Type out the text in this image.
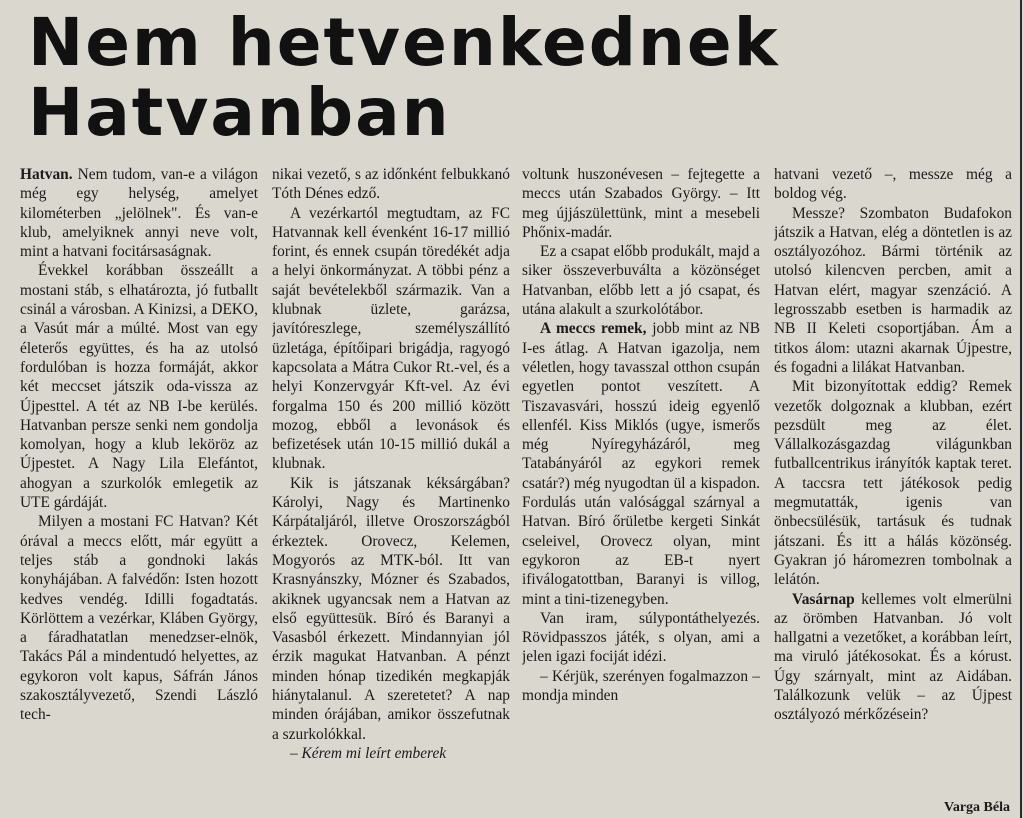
Nem hetvenkednek
Hatvanban

Hatvan. Nem tudom, van-e a világon még egy helység, amelyet kilométerben „jelölnek". És van-e klub, amelyiknek annyi neve volt, mint a hatvani focitársaságnak.

Évekkel korábban összeállt a mostani stáb, s elhatározta, jó futballt csinál a városban. A Kinizsi, a DEKO, a Vasút már a múlté. Most van egy életerős együttes, és ha az utolsó fordulóban is hozza formáját, akkor két meccset játszik oda-vissza az Újpesttel. A tét az NB I-be kerülés. Hatvanban persze senki nem gondolja komolyan, hogy a klub leköröz az Újpestet. A Nagy Lila Elefántot, ahogyan a szurkolók emlegetik az UTE gárdáját.

Milyen a mostani FC Hatvan? Két órával a meccs előtt, már együtt a teljes stáb a gondnoki lakás konyhájában. A falvédőn: Isten hozott kedves vendég. Idilli fogadtatás. Körlöttem a vezérkar, Kláben György, a fáradhatatlan menedzser-elnök, Takács Pál a mindentudó helyettes, az egykoron volt kapus, Sáfrán János szakosztályvezető, Szendi László tech-

nikai vezető, s az időnként felbukkanó Tóth Dénes edző.

A vezérkartól megtudtam, az FC Hatvannak kell évenként 16-17 millió forint, és ennek csupán töredékét adja a helyi önkormányzat. A többi pénz a saját bevételekből származik. Van a klubnak üzlete, garázsa, javítóreszlege, személyszállító üzletága, építőipari brigádja, ragyogó kapcsolata a Mátra Cukor Rt.-vel, és a helyi Konzervgyár Kft-vel. Az évi forgalma 150 és 200 millió között mozog, ebből a levonások és befizetések után 10-15 millió dukál a klubnak.

Kik is játszanak kéksárgában? Károlyi, Nagy és Martinenko Kárpátaljáról, illetve Oroszországból érkeztek. Orovecz, Kelemen, Mogyorós az MTK-ból. Itt van Krasnyánszky, Mózner és Szabados, akiknek ugyancsak nem a Hatvan az első együttesük. Bíró és Baranyi a Vasasból érkezett. Mindannyian jól érzik magukat Hatvanban. A pénzt minden hónap tizedikén megkapják hiánytalanul. A szeretetet? A nap minden órájában, amikor összefutnak a szurkolókkal.

– Kérem mi leírt emberek

voltunk huszonévesen – fejtegette a meccs után Szabados György. – Itt meg újjászülettünk, mint a mesebeli Phőnix-madár.

Ez a csapat előbb produkált, majd a siker összeverbuválta a közönséget Hatvanban, előbb lett a jó csapat, és utána alakult a szurkolótábor.

A meccs remek, jobb mint az NB I-es átlag. A Hatvan igazolja, nem véletlen, hogy tavasszal otthon csupán egyetlen pontot veszített. A Tiszavasvári, hosszú ideig egyenlő ellenfél. Kiss Miklós (ugye, ismerős még Nyíregyházáról, meg Tatabányáról az egykori remek csatár?) még nyugodtan ül a kispadon. Fordulás után valósággal szárnyal a Hatvan. Bíró őrületbe kergeti Sinkát cseleivel, Orovecz olyan, mint egykoron az EB-t nyert ifiválogatottban, Baranyi is villog, mint a tini-tizenegyben.

Van iram, súlypontáthelyezés. Rövidpasszos játék, s olyan, ami a jelen igazi fociját idézi.

– Kérjük, szerényen fogalmazzon – mondja minden

hatvani vezető –, messze még a boldog vég.

Messze? Szombaton Budafokon játszik a Hatvan, elég a döntetlen is az osztályozóhoz. Bármi történik az utolsó kilencven percben, amit a Hatvan elért, magyar szenzáció. A legrosszabb esetben is harmadik az NB II Keleti csoportjában. Ám a titkos álom: utazni akarnak Újpestre, és fogadni a lilákat Hatvanban.

Mit bizonyítottak eddig? Remek vezetők dolgoznak a klubban, ezért pezsdült meg az élet. Vállalkozásgazdag világunkban futballcentrikus irányítók kaptak teret. A taccsra tett játékosok pedig megmutatták, igenis van önbecsülésük, tartásuk és tudnak játszani. És itt a hálás közönség. Gyakran jó háromezren tombolnak a lelátón.

Vasárnap kellemes volt elmerülni az örömben Hatvanban. Jó volt hallgatni a vezetőket, a korábban leírt, ma viruló játékosokat. És a kórust. Úgy szárnyalt, mint az Aidában. Találkozunk velük – az Újpest osztályozó mérkőzésein?

Varga Béla
